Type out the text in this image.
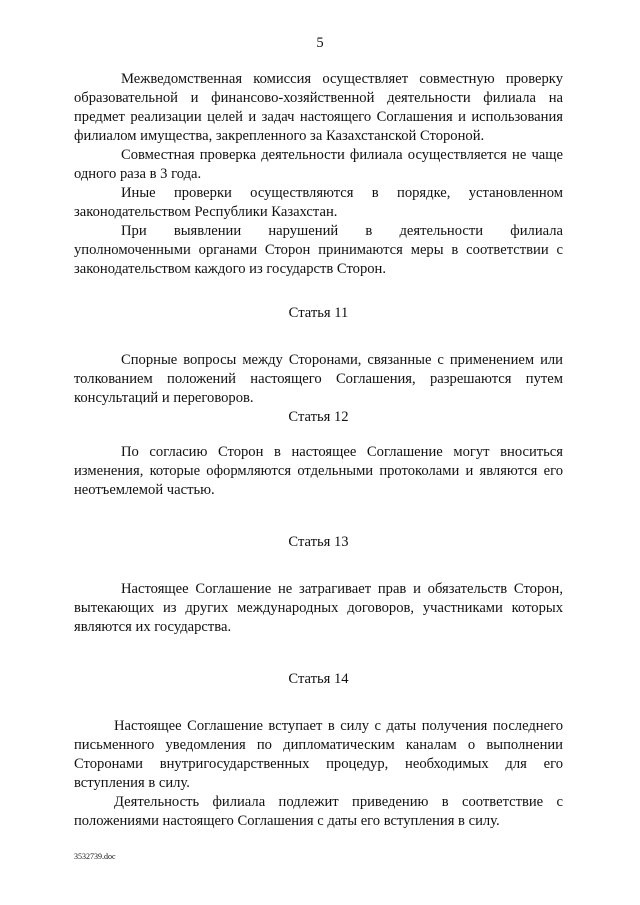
5

Межведомственная комиссия осуществляет совместную проверку образовательной и финансово-хозяйственной деятельности филиала на предмет реализации целей и задач настоящего Соглашения и использования филиалом имущества, закрепленного за Казахстанской Стороной.

Совместная проверка деятельности филиала осуществляется не чаще одного раза в 3 года.

Иные проверки осуществляются в порядке, установленном законодательством Республики Казахстан.

При выявлении нарушений в деятельности филиала уполномоченными органами Сторон принимаются меры в соответствии с законодательством каждого из государств Сторон.

Статья 11

Спорные вопросы между Сторонами, связанные с применением или толкованием положений настоящего Соглашения, разрешаются путем консультаций и переговоров.

Статья 12

По согласию Сторон в настоящее Соглашение могут вноситься изменения, которые оформляются отдельными протоколами и являются его неотъемлемой частью.

Статья 13

Настоящее Соглашение не затрагивает прав и обязательств Сторон, вытекающих из других международных договоров, участниками которых являются их государства.

Статья 14

Настоящее Соглашение вступает в силу с даты получения последнего письменного уведомления по дипломатическим каналам о выполнении Сторонами внутригосударственных процедур, необходимых для его вступления в силу.

Деятельность филиала подлежит приведению в соответствие с положениями настоящего Соглашения с даты его вступления в силу.

3532739.doc
